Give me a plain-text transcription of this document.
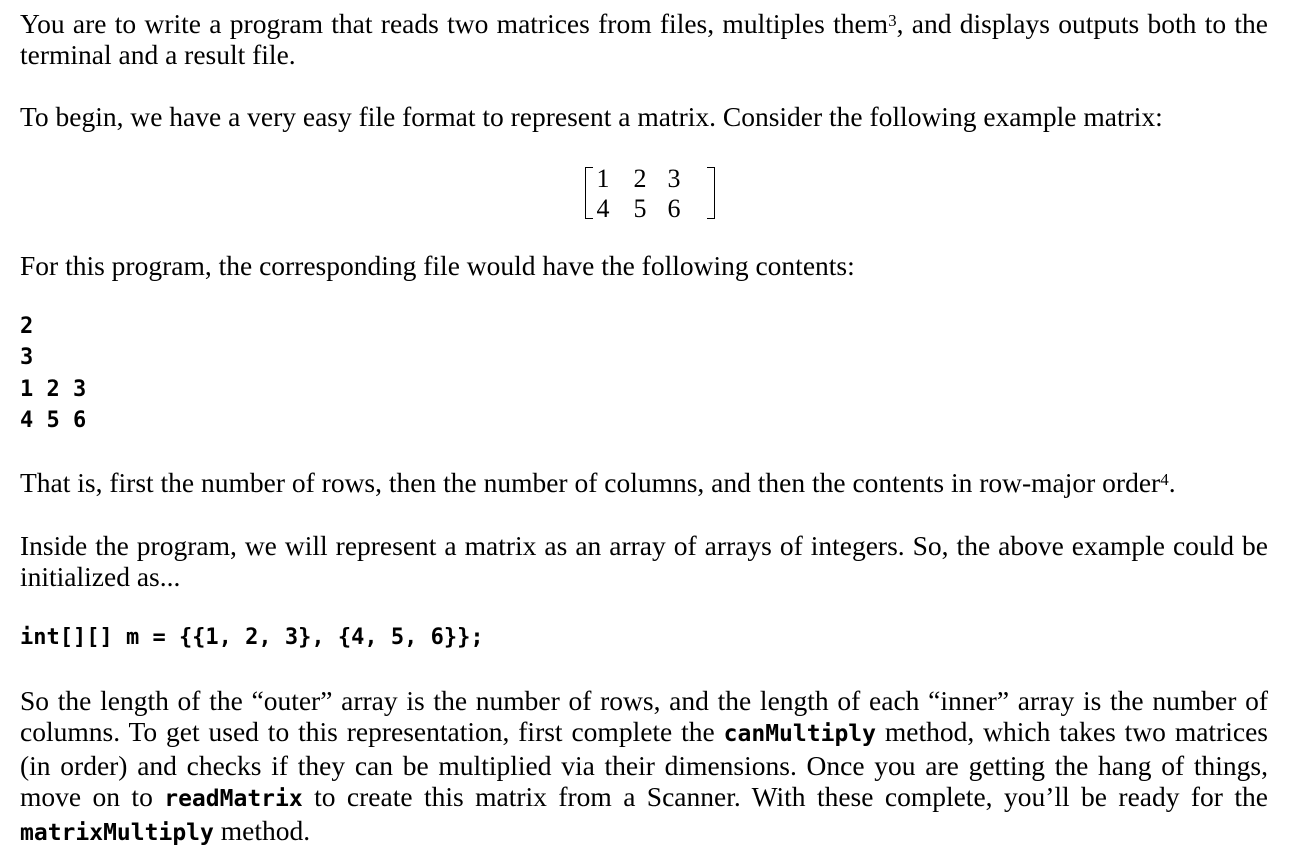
You are to write a program that reads two matrices from files, multiples them$^3$, and displays outputs both to the terminal and a result file.

To begin, we have a very easy file format to represent a matrix. Consider the following example matrix:

1 2 3
4 5 6

For this program, the corresponding file would have the following contents:

2
3
1 2 3
4 5 6

That is, first the number of rows, then the number of columns, and then the contents in row-major order$^4$.

Inside the program, we will represent a matrix as an array of arrays of integers. So, the above example could be initialized as...

int[][] m = {{1, 2, 3}, {4, 5, 6}};

So the length of the “outer” array is the number of rows, and the length of each “inner” array is the number of columns. To get used to this representation, first complete the canMultiply method, which takes two matrices (in order) and checks if they can be multiplied via their dimensions. Once you are getting the hang of things, move on to readMatrix to create this matrix from a Scanner. With these complete, you’ll be ready for the matrixMultiply method.
